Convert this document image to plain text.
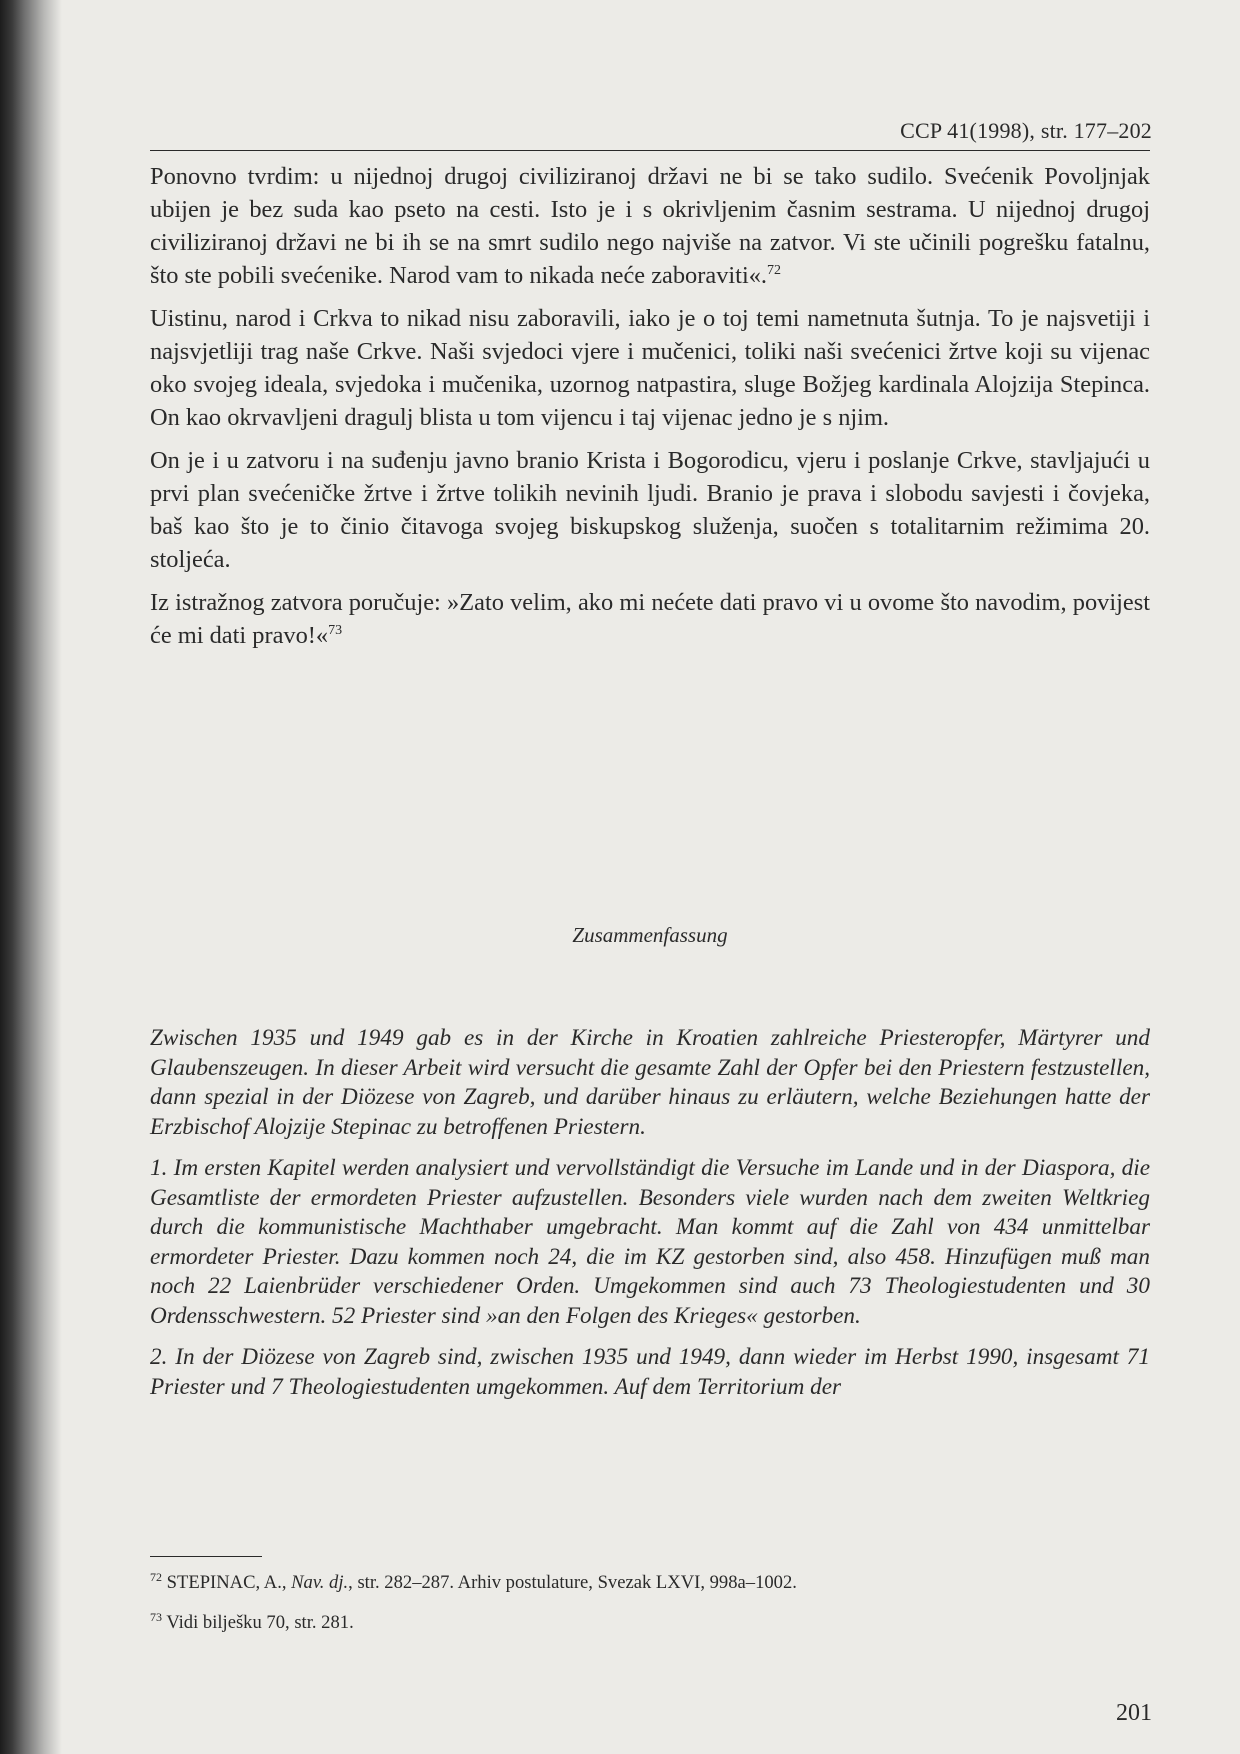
CCP 41(1998), str. 177–202

Ponovno tvrdim: u nijednoj drugoj civiliziranoj državi ne bi se tako sudilo. Svećenik Povoljnjak ubijen je bez suda kao pseto na cesti. Isto je i s okrivljenim časnim sestrama. U nijednoj drugoj civiliziranoj državi ne bi ih se na smrt sudilo nego najviše na zatvor. Vi ste učinili pogrešku fatalnu, što ste pobili svećenike. Narod vam to nikada neće zaboraviti«.$^{72}$

Uistinu, narod i Crkva to nikad nisu zaboravili, iako je o toj temi nametnuta šutnja. To je najsvetiji i najsvjetliji trag naše Crkve. Naši svjedoci vjere i mučenici, toliki naši svećenici žrtve koji su vijenac oko svojeg ideala, svjedoka i mučenika, uzornog natpastira, sluge Božjeg kardinala Alojzija Stepinca. On kao okrvavljeni dragulj blista u tom vijencu i taj vijenac jedno je s njim.

On je i u zatvoru i na suđenju javno branio Krista i Bogorodicu, vjeru i poslanje Crkve, stavljajući u prvi plan svećeničke žrtve i žrtve tolikih nevinih ljudi. Branio je prava i slobodu savjesti i čovjeka, baš kao što je to činio čitavoga svojeg biskupskog služenja, suočen s totalitarnim režimima 20. stoljeća.

Iz istražnog zatvora poručuje: »Zato velim, ako mi nećete dati pravo vi u ovome što navodim, povijest će mi dati pravo!«$^{73}$

Zusammenfassung

Zwischen 1935 und 1949 gab es in der Kirche in Kroatien zahlreiche Priesteropfer, Märtyrer und Glaubenszeugen. In dieser Arbeit wird versucht die gesamte Zahl der Opfer bei den Priestern festzustellen, dann spezial in der Diözese von Zagreb, und darüber hinaus zu erläutern, welche Beziehungen hatte der Erzbischof Alojzije Stepinac zu betroffenen Priestern.

1. Im ersten Kapitel werden analysiert und vervollständigt die Versuche im Lande und in der Diaspora, die Gesamtliste der ermordeten Priester aufzustellen. Besonders viele wurden nach dem zweiten Weltkrieg durch die kommunistische Machthaber umgebracht. Man kommt auf die Zahl von 434 unmittelbar ermordeter Priester. Dazu kommen noch 24, die im KZ gestorben sind, also 458. Hinzufügen muß man noch 22 Laienbrüder verschiedener Orden. Umgekommen sind auch 73 Theologiestudenten und 30 Ordensschwestern. 52 Priester sind »an den Folgen des Krieges« gestorben.

2. In der Diözese von Zagreb sind, zwischen 1935 und 1949, dann wieder im Herbst 1990, insgesamt 71 Priester und 7 Theologiestudenten umgekommen. Auf dem Territorium der

$^{72}$ STEPINAC, A., Nav. dj., str. 282–287. Arhiv postulature, Svezak LXVI, 998a–1002.

$^{73}$ Vidi bilješku 70, str. 281.

201
